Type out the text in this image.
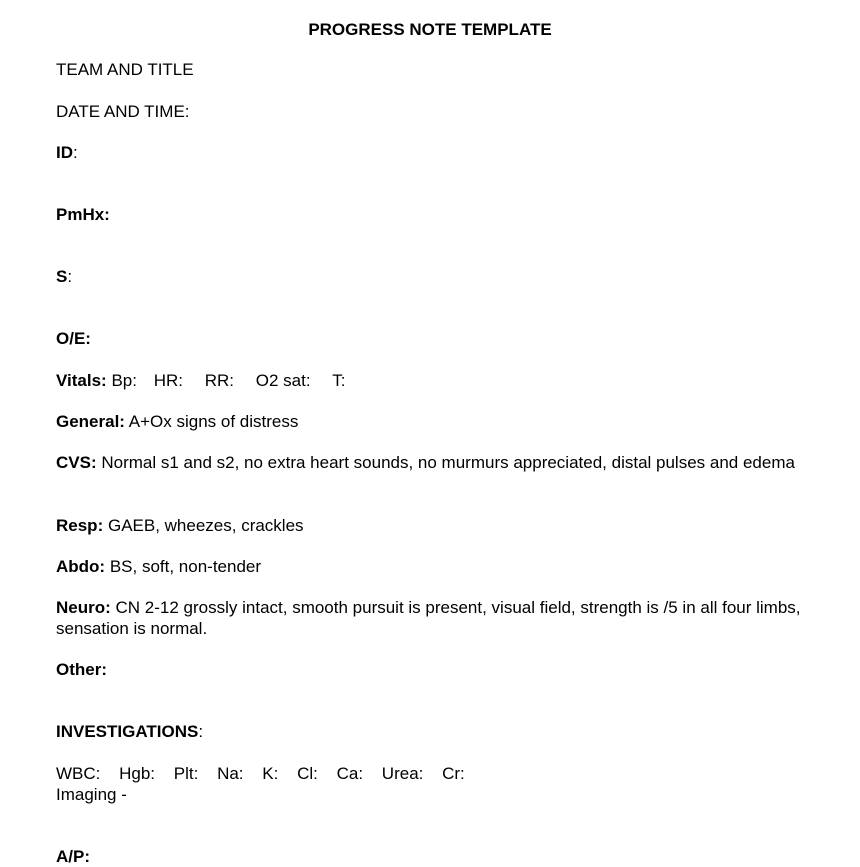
PROGRESS NOTE TEMPLATE
TEAM AND TITLE
DATE AND TIME:
ID:
PmHx:
S:
O/E:
Vitals: Bp: HR: RR: O2 sat: T:
General: A+Ox signs of distress
CVS: Normal s1 and s2, no extra heart sounds, no murmurs appreciated, distal pulses and edema
Resp: GAEB, wheezes, crackles
Abdo: BS, soft, non-tender
Neuro: CN 2-12 grossly intact, smooth pursuit is present, visual field, strength is /5 in all four limbs, sensation is normal.
Other:
INVESTIGATIONS:
WBC: Hgb: Plt: Na: K: Cl: Ca: Urea: Cr:
Imaging -
A/P:
